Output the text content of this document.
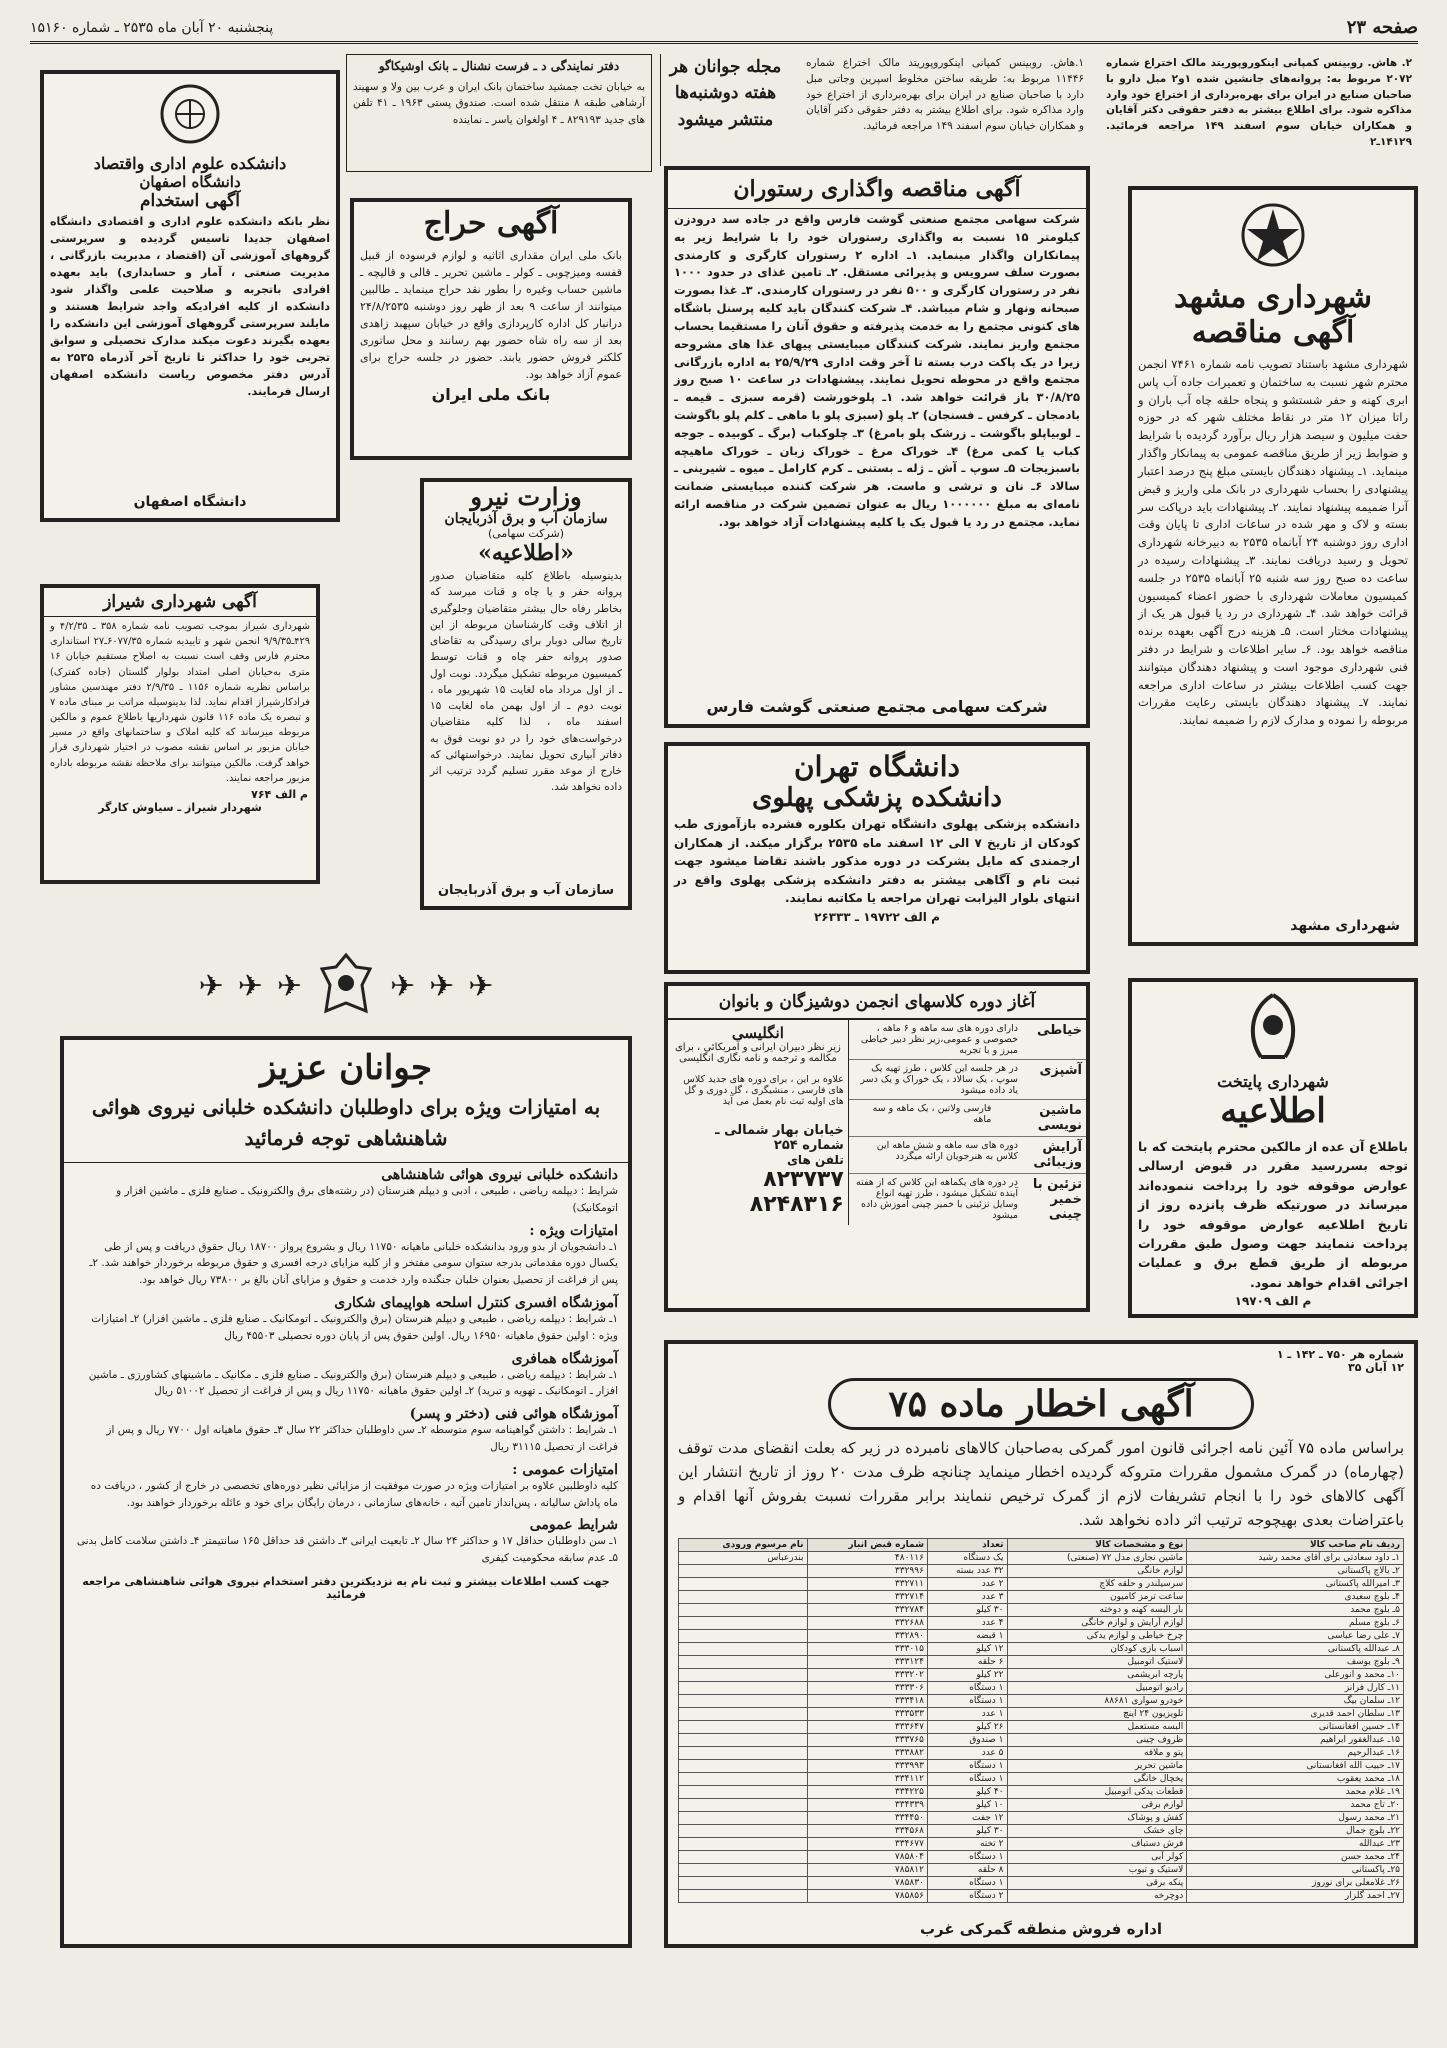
صفحه ۲۳
پنجشنبه ۲۰ آبان ماه ۲۵۳۵ ـ شماره ۱۵۱۶۰
۲. هاش. روبینس کمپانی اینکوروپوریتد مالک اختراع شماره ۲۰۷۲ مربوط به: پروانه‌های جانشین شده ۱و۲ مبل دارو با صاحبان صنایع در ایران برای بهره‌برداری از اختراع خود وارد مذاکره شود. برای اطلاع بیشتر به دفتر حقوقی دکتر آقایان و همکاران خیابان سوم اسفند ۱۴۹ مراجعه فرمائید. ۱۴۱۲۹ـ۲
شهرداری مشهد
آگهی مناقصه
شهرداری مشهد باستناد تصویب نامه شماره ۷۴۶۱ انجمن محترم شهر نسبت به ساختمان و تعمیرات جاده آب پاس ابری کهنه و حفر شستشو و پنجاه حلقه چاه آب باران و راتا میزان ۱۲ متر در نقاط مختلف شهر که در حوزه حفت میلیون و سیصد هزار ریال برآورد گردیده با شرایط و ضوابط زیر از طریق مناقصه عمومی به پیمانکار واگذار مینماید. ۱ـ پیشنهاد دهندگان بایستی مبلغ پنج درصد اعتبار پیشنهادی را بحساب شهرداری در بانک ملی واریز و قبض آنرا ضمیمه پیشنهاد نمایند. ۲ـ پیشنهادات باید درپاکت سر بسته و لاک و مهر شده در ساعات اداری تا پایان وقت اداری روز دوشنبه ۲۴ آبانماه ۲۵۳۵ به دبیرخانه شهرداری تحویل و رسید دریافت نمایند. ۳ـ پیشنهادات رسیده در ساعت ده صبح روز سه شنبه ۲۵ آبانماه ۲۵۳۵ در جلسه کمیسیون معاملات شهرداری با حضور اعضاء کمیسیون قرائت خواهد شد. ۴ـ شهرداری در رد یا قبول هر یک از پیشنهادات مختار است. ۵ـ هزینه درج آگهی بعهده برنده مناقصه خواهد بود. ۶ـ سایر اطلاعات و شرایط در دفتر فنی شهرداری موجود است و پیشنهاد دهندگان میتوانند جهت کسب اطلاعات بیشتر در ساعات اداری مراجعه نمایند. ۷ـ پیشنهاد دهندگان بایستی رعایت مقررات مربوطه را نموده و مدارک لازم را ضمیمه نمایند.
شهرداری مشهد
شهرداری پایتخت
اطلاعیه
باطلاع آن عده از مالکین محترم پایتخت که با توجه بسررسید مقرر در قبوض ارسالی عوارض موقوفه خود را پرداخت ننموده‌اند میرساند در صورتیکه ظرف پانزده روز از تاریخ اطلاعیه عوارض موقوفه خود را پرداخت ننمایند جهت وصول طبق مقررات مربوطه از طریق قطع برق و عملیات اجرائی اقدام خواهد نمود.
م الف ۱۹۷۰۹
۱.هاش. روبینس کمپانی اینکوروپوریتد مالک اختراع شماره ۱۱۴۴۶ مربوط به: طریقه ساختن مخلوط اسپرین وجاتی مبل دارد با صاحبان صنایع در ایران برای بهره‌برداری از اختراع خود وارد مذاکره شود. برای اطلاع بیشتر به دفتر حقوقی دکتر آقایان و همکاران خیابان سوم اسفند ۱۴۹ مراجعه فرمائید.
مجله جوانان هر هفته دوشنبه‌ها منتشر میشود
دفتر نمایندگی د ـ فرست نشنال ـ بانک اوشیکاگو
به خیابان تخت جمشید ساختمان بانک ایران و عرب بین ولا و سهیند آرشاهی طبقه ۸ منتقل شده است. صندوق پستی ۱۹۶۳ ـ ۴۱ تلفن های جدید ۸۲۹۱۹۳ ـ ۴ اولغوان یاسر ـ نماینده
آگهی مناقصه واگذاری رستوران
شرکت سهامی مجتمع صنعتی گوشت فارس واقع در جاده سد درودزن کیلومتر ۱۵ نسبت به واگذاری رستوران خود را با شرایط زیر به پیمانکاران واگذار مینماید. ۱ـ اداره ۲ رستوران کارگری و کارمندی بصورت سلف سرویس و پذیرائی مستقل. ۲ـ تامین غذای در حدود ۱۰۰۰ نفر در رستوران کارگری و ۵۰۰ نفر در رستوران کارمندی. ۳ـ غذا بصورت صبحانه ونهار و شام میباشد. ۴ـ شرکت کنندگان باید کلیه پرسنل باشگاه های کنونی مجتمع را به خدمت پذیرفته و حقوق آنان را مستقیما بحساب مجتمع واریز نمایند. شرکت کنندگان میبایستی پیهای غذا های مشروحه زیرا در یک پاکت درب بسته تا آخر وقت اداری ۲۵/۹/۲۹ به اداره بازرگانی مجتمع واقع در محوطه تحویل نمایند. پیشنهادات در ساعت ۱۰ صبح روز ۳۰/۸/۲۵ باز قرائت خواهد شد. ۱ـ پلوخورشت (قرمه سبزی ـ قیمه ـ بادمجان ـ کرفس ـ فسنجان) ۲ـ پلو (سبزی پلو با ماهی ـ کلم پلو باگوشت ـ لوبیاپلو باگوشت ـ زرشک پلو بامرغ) ۳ـ چلوکباب (برگ ـ کوبیده ـ جوجه کباب یا کمی مرغ) ۴ـ خوراک مرغ ـ خوراک زبان ـ خوراک ماهیچه باسبزیجات ۵ـ سوپ ـ آش ـ ژله ـ بستنی ـ کرم کارامل ـ میوه ـ شیرینی ـ سالاد ۶ـ نان و ترشی و ماست. هر شرکت کننده میبایستی ضمانت نامه‌ای به مبلغ ۱۰۰۰۰۰۰ ریال به عنوان تضمین شرکت در مناقصه ارائه نماید. مجتمع در رد یا قبول یک یا کلیه پیشنهادات آزاد خواهد بود.
شرکت سهامی مجتمع صنعتی گوشت فارس
دانشگاه تهران
دانشکده پزشکی پهلوی
دانشکده پزشکی پهلوی دانشگاه تهران بکلوره فشرده بازآموزی طب کودکان از تاریخ ۷ الی ۱۲ اسفند ماه ۲۵۳۵ برگزار میکند. از همکاران ارجمندی که مایل بشرکت در دوره مذکور باشند تقاضا میشود جهت ثبت نام و آگاهی بیشتر به دفتر دانشکده پزشکی پهلوی واقع در انتهای بلوار الیزابت تهران مراجعه یا مکاتبه نمایند.
م الف ۱۹۷۲۲ ـ ۲۶۳۳۳
آغاز دوره کلاسهای انجمن دوشیزگان و بانوان
خیاطی
دارای دوره های سه ماهه و ۶ ماهه ، خصوصی و عمومی،زیر نظر دبیر خیاطی مبرز و با تجربه
آشپزی
در هر جلسه این کلاس ، طرز تهیه یک سوپ ، یک سالاد ، یک خوراک و یک دسر یاد داده میشود
ماشین نویسی
فارسی ولاتین ، یک ماهه و سه ماهه
آرایش وزیبائی
دوره های سه ماهه و شش ماهه این کلاس به هنرجویان ارائه میگردد
تزئین با خمیر چینی
در دوره های یکماهه این کلاس که از هفته آینده تشکیل میشود ، طرز تهیه انواع وسایل تزئینی با خمیر چینی آموزش داده میشود
انگلیسی
زیر نظر دبیران ایرانی و آمریکائی ، برای مکالمه و ترجمه و نامه نگاری انگلیسی
علاوه بر این ، برای دوره های جدید کلاس های فارسی ، منشیگری ، گل دوزی و گل های اولیه ثبت نام بعمل می آید
خیابان بهار شمالی ـ شماره ۲۵۴
تلفن های
۸۲۳۷۳۷
۸۲۴۸۳۱۶
آگهی حراج
بانک ملی ایران مقداری اثاثیه و لوازم فرسوده از قبیل قفسه وميزچوبی ـ کولر ـ ماشین تحریر ـ قالی و قالیچه ـ ماشین حساب وغیره را بطور نقد حراج مینماید ـ طالبین میتوانند از ساعت ۹ بعد از ظهر روز دوشنبه ۲۴/۸/۲۵۳۵ درانبار کل اداره کارپردازی واقع در خیابان سپهبد زاهدی بعد از سه راه شاه حضور بهم رسانند و محل ساتوری کلکتر فروش حضور یابند. حضور در جلسه حراج برای عموم آزاد خواهد بود.
بانک ملی ایران
وزارت نیرو
سازمان آب و برق آذربایجان
(شرکت سهامی)
«اطلاعیه»
بدینوسیله باطلاع کلیه متقاضیان صدور پروانه حفر و یا چاه و قنات میرسد که بخاطر رفاه حال بیشتر متقاضیان وجلوگیری از اتلاف وقت کارشناسان مربوطه از این تاریخ سالی دوبار برای رسیدگی به تقاضای صدور پروانه حفر چاه و قنات توسط کمیسیون مربوطه تشکیل میگردد. نوبت اول ـ از اول مرداد ماه لغایت ۱۵ شهریور ماه ، نوبت دوم ـ از اول بهمن ماه لغایت ۱۵ اسفند ماه ، لذا کلیه متقاضیان درخواست‌های خود را در دو نوبت فوق به دفاتر آبیاری تحویل نمایند. درخواستهائی که خارج از موعد مقرر تسلیم گردد ترتیب اثر داده نخواهد شد.
سازمان آب و برق آذربایجان
دانشکده علوم اداری واقتصاد
دانشگاه اصفهان
آگهی استخدام
نظر بانکه دانشکده علوم اداری و اقتصادی دانشگاه اصفهان جدیدا تاسیس گردیده و سرپرستی گروههای آموزشی آن (اقتصاد ، مدیریت بازرگانی ، مدیریت صنعتی ، آمار و حسابداری) باید بعهده افرادی باتجربه و صلاحیت علمی واگذار شود دانشکده از کلیه افرادیکه واجد شرایط هستند و مایلند سرپرستی گروههای آموزشی این دانشکده را بعهده بگیرند دعوت میکند مدارک تحصیلی و سوابق تجربی خود را حداکثر تا تاریخ آخر آذرماه ۲۵۳۵ به آدرس دفتر مخصوص ریاست دانشکده اصفهان ارسال فرمایند.
دانشگاه اصفهان
آگهی شهرداری شیراز
شهرداری شیراز بموجب تصویب نامه شماره ۳۵۸ ـ ۴/۲/۳۵ و ۴۲۹ـ۹/۹/۳۵ انجمن شهر و تاییدیه شماره ۶۰۷۷/۳۵ـ۲۷ استانداری محترم فارس وقف است نسبت به اصلاح مستقیم خیابان ۱۶ متری به‌خیابان اصلی امتداد بولوار گلستان (جاده کفترک) براساس نظریه شماره ۱۱۵۶ ـ ۲/۹/۳۵ دفتر مهندسین مشاور فرادکارشیراز اقدام نماید. لذا بدینوسیله مراتب بر مبنای ماده ۷ و تبصره یک ماده ۱۱۶ قانون شهرداریها باطلاع عموم و مالکین مربوطه میرساند که کلیه املاک و ساختمانهای واقع در مسیر خیابان مزبور بر اساس نقشه مصوب در اختیار شهرداری قرار خواهد گرفت. مالکین میتوانند برای ملاحظه نقشه مربوطه باداره مزبور مراجعه نمایند.
م الف ۷۶۴
شهردار شیراز ـ سیاوش کارگر
✈
✈
✈
✈
✈
✈
جوانان عزیز
به امتیازات ویژه برای داوطلبان دانشکده خلبانی نیروی هوائی شاهنشاهی توجه فرمائید
دانشکده خلبانی نیروی هوائی شاهنشاهی
شرایط : دیپلمه ریاضی ، طبیعی ، ادبی و دیپلم هنرستان (در رشته‌های برق والکترونیک ـ صنایع فلزی ـ ماشین افزار و اتومکانیک)
امتیازات ویژه :
۱ـ دانشجویان از بدو ورود بدانشکده خلبانی ماهیانه ۱۱۷۵۰ ریال و بشروع پرواز ۱۸۷۰۰ ریال حقوق دریافت و پس از طی یکسال دوره مقدماتی بدرجه ستوان سومی مفتخر و از کلیه مزایای درجه افسری و حقوق مربوطه برخوردار خواهند شد. ۲ـ پس از فراغت از تحصیل بعنوان خلبان جنگنده وارد خدمت و حقوق و مزایای آنان بالغ بر ۷۳۸۰۰ ریال خواهد بود.
آموزشگاه افسری کنترل اسلحه هواپیمای شکاری
۱ـ شرایط : دیپلمه ریاضی ، طبیعی و دیپلم هنرستان (برق والکترونیک ـ اتومکانیک ـ صنایع فلزی ـ ماشین افزار) ۲ـ امتیازات ویژه : اولین حقوق ماهیانه ۱۶۹۵۰ ریال. اولین حقوق پس از پایان دوره تحصیلی ۴۵۵۰۳ ریال
آموزشگاه همافری
۱ـ شرایط : دیپلمه ریاضی ، طبیعی و دیپلم هنرستان (برق والکترونیک ـ صنایع فلزی ـ مکانیک ـ ماشینهای کشاورزی ـ ماشین افزار ـ اتومکانیک ـ تهویه و تبرید) ۲ـ اولین حقوق ماهیانه ۱۱۷۵۰ ریال و پس از فراغت از تحصیل ۵۱۰۰۲ ریال
آموزشگاه هوائی فنی (دختر و پسر)
۱ـ شرایط : داشتن گواهینامه سوم متوسطه ۲ـ سن داوطلبان حداکثر ۲۲ سال ۳ـ حقوق ماهیانه اول ۷۷۰۰ ریال و پس از فراغت از تحصیل ۳۱۱۱۵ ریال
امتیازات عمومی :
کلیه داوطلبین علاوه بر امتیازات ویژه در صورت موفقیت از مزایائی نظیر دوره‌های تخصصی در خارج از کشور ، دریافت ده ماه پاداش سالیانه ، پس‌انداز تامین آتیه ، خانه‌های سازمانی ، درمان رایگان برای خود و عائله برخوردار خواهند بود.
شرایط عمومی
۱ـ سن داوطلبان حداقل ۱۷ و حداکثر ۲۴ سال ۲ـ تابعیت ایرانی ۳ـ داشتن قد حداقل ۱۶۵ سانتیمتر ۴ـ داشتن سلامت کامل بدنی ۵ـ عدم سابقه محکومیت کیفری
جهت کسب اطلاعات بیشتر و ثبت نام به نزدیکترین دفتر استخدام نیروی هوائی شاهنشاهی مراجعه فرمائید
شماره هر ۷۵۰ ـ ۱۴۲ ـ ۱
۱۲ آبان ۳۵
آگهی اخطار ماده ۷۵
براساس ماده ۷۵ آئین نامه اجرائی قانون امور گمرکی به‌صاحبان کالاهای نامبرده در زیر که بعلت انقضای مدت توقف (چهارماه) در گمرک مشمول مقررات متروکه گردیده اخطار مینماید چنانچه ظرف مدت ۲۰ روز از تاریخ انتشار این آگهی کالاهای خود را با انجام تشریفات لازم از گمرک ترخیص ننمایند برابر مقررات نسبت بفروش آنها اقدام و باعتراضات بعدی بهیچوجه ترتیب اثر داده نخواهد شد.
ردیف نام صاحب کالا	نوع و مشخصات کالا	تعداد	شماره قبض انبار	نام مرسوم ورودی
۱ـ داود سعادتی برای آقای محمد رشید	ماشین نجاری مدل ۷۲ (صنعتی)	یک دستگاه	۴۸۰۱۱۶	بندرعباس
۲ـ بالاچ پاکستانی	لوازم خانگی	۳۲ عدد بسته	۳۳۲۹۹۶	
۳ـ امیرالله پاکستانی	سرسیلندر و حلقه کلاچ	۲ عدد	۳۳۲۷۱۱	
۴ـ بلوچ سعیدی	ساعت ترمز کامیون	۳ عدد	۳۳۲۷۱۴	
۵ـ بلوچ محمد	بار البسه کهنه و دوخته	۳۰ کیلو	۳۳۲۷۸۴	
۶ـ بلوچ مسلم	لوازم آرایش و لوازم خانگی	۴ عدد	۳۳۲۶۸۸	
۷ـ علی رضا عباسی	چرخ خیاطی و لوازم یدکی	۱ قبضه	۳۳۲۸۹۰	
۸ـ عبدالله پاکستانی	اسباب بازی کودکان	۱۲ کیلو	۳۳۳۰۱۵	
۹ـ بلوچ یوسف	لاستیک اتومبیل	۶ حلقه	۳۳۳۱۲۴	
۱۰ـ محمد و انورعلی	پارچه ابریشمی	۲۲ کیلو	۳۳۳۲۰۲	
۱۱ـ کارل فرانز	رادیو اتومبیل	۱ دستگاه	۳۳۳۳۰۶	
۱۲ـ سلمان بیگ	خودرو سواری ۸۸۶۸۱	۱ دستگاه	۳۳۳۴۱۸	
۱۳ـ سلطان احمد قدیری	تلویزیون ۲۴ اینچ	۱ عدد	۳۳۳۵۳۳	
۱۴ـ حسین افغانستانی	البسه مستعمل	۲۶ کیلو	۳۳۳۶۴۷	
۱۵ـ عبدالغفور ابراهیم	ظروف چینی	۱ صندوق	۳۳۳۷۶۵	
۱۶ـ عبدالرحیم	پتو و ملافه	۵ عدد	۳۳۳۸۸۲	
۱۷ـ حبیب الله افغانستانی	ماشین تحریر	۱ دستگاه	۳۳۳۹۹۳	
۱۸ـ محمد یعقوب	یخچال خانگی	۱ دستگاه	۳۳۴۱۱۲	
۱۹ـ غلام محمد	قطعات یدکی اتومبیل	۴۰ کیلو	۳۳۴۲۲۵	
۲۰ـ تاج محمد	لوازم برقی	۱۰ کیلو	۳۳۴۳۳۹	
۲۱ـ محمد رسول	کفش و پوشاک	۱۲ جفت	۳۳۴۴۵۰	
۲۲ـ بلوچ جمال	چای خشک	۳۰ کیلو	۳۳۴۵۶۸	
۲۳ـ عبدالله	فرش دستباف	۲ تخته	۳۳۴۶۷۷	
۲۴ـ محمد حسن	کولر آبی	۱ دستگاه	۷۸۵۸۰۴	
۲۵ـ پاکستانی	لاستیک و تیوب	۸ حلقه	۷۸۵۸۱۲	
۲۶ـ غلامعلی برای نوروز	پنکه برقی	۱ دستگاه	۷۸۵۸۳۰	
۲۷ـ احمد گلزار	دوچرخه	۲ دستگاه	۷۸۵۸۵۶	
اداره فروش منطقه گمرکی غرب
